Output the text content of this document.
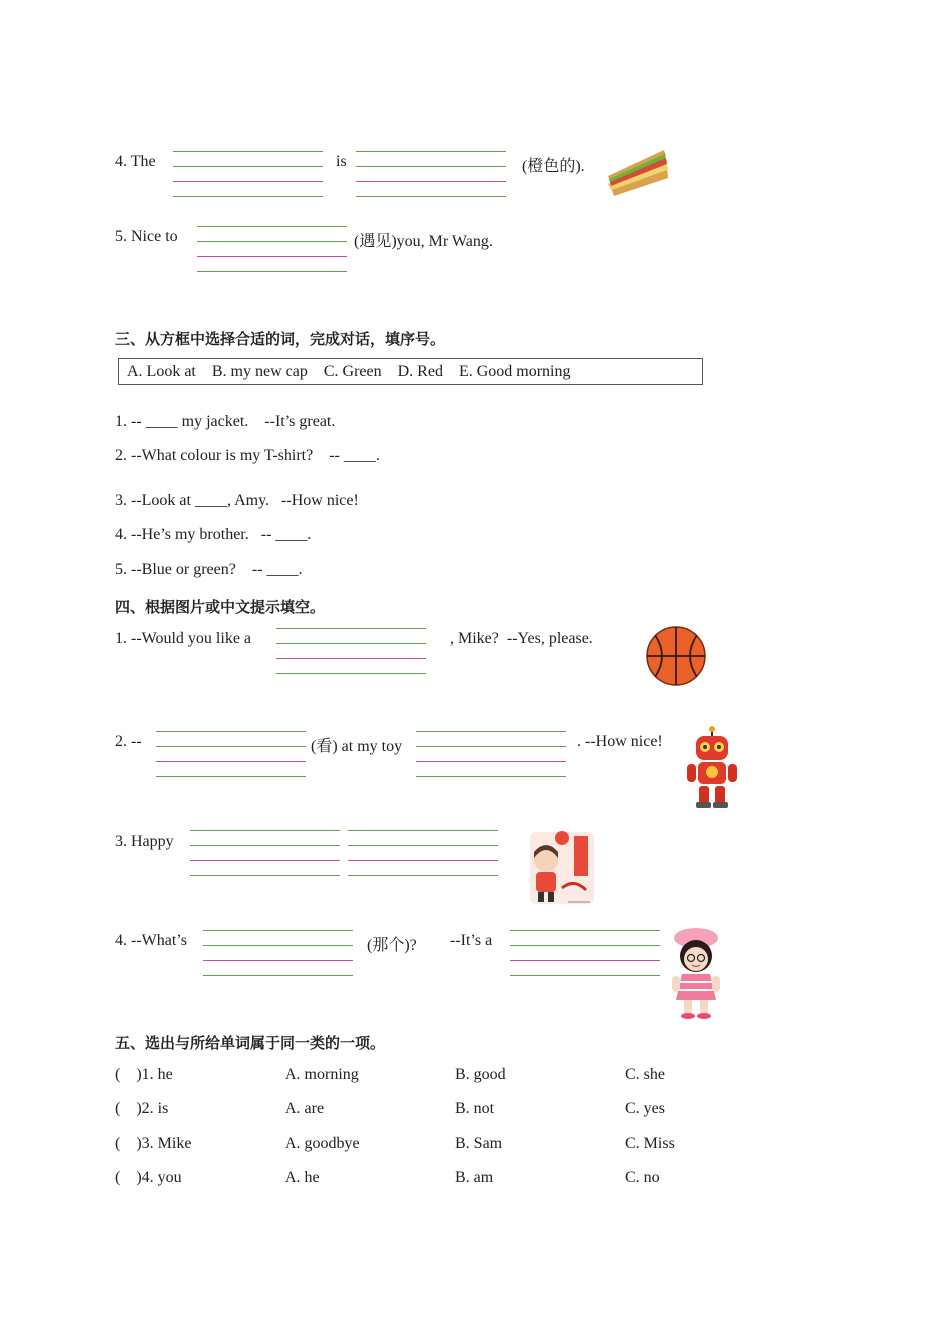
4. The	is	(橙色的).
5. Nice to	(遇见)you, Mr Wang.
三、从方框中选择合适的词，完成对话，填序号。
A. Look at    B. my new cap    C. Green    D. Red    E. Good morning
1. -- ____ my jacket.    --It’s great.
2. --What colour is my T-shirt?    -- ____.
3. --Look at ____, Amy.   --How nice!
4. --He’s my brother.   -- ____.
5. --Blue or green?    -- ____.
四、根据图片或中文提示填空。
1. --Would you like a	, Mike?  --Yes, please.
2. --	(看) at my toy	. --How nice!
3. Happy
4. --What’s	(那个)? --It’s a
五、选出与所给单词属于同一类的一项。
(    )1. he	A. morning	B. good	C. she
(    )2. is	A. are	B. not	C. yes
(    )3. Mike	A. goodbye	B. Sam	C. Miss
(    )4. you	A. he	B. am	C. no
